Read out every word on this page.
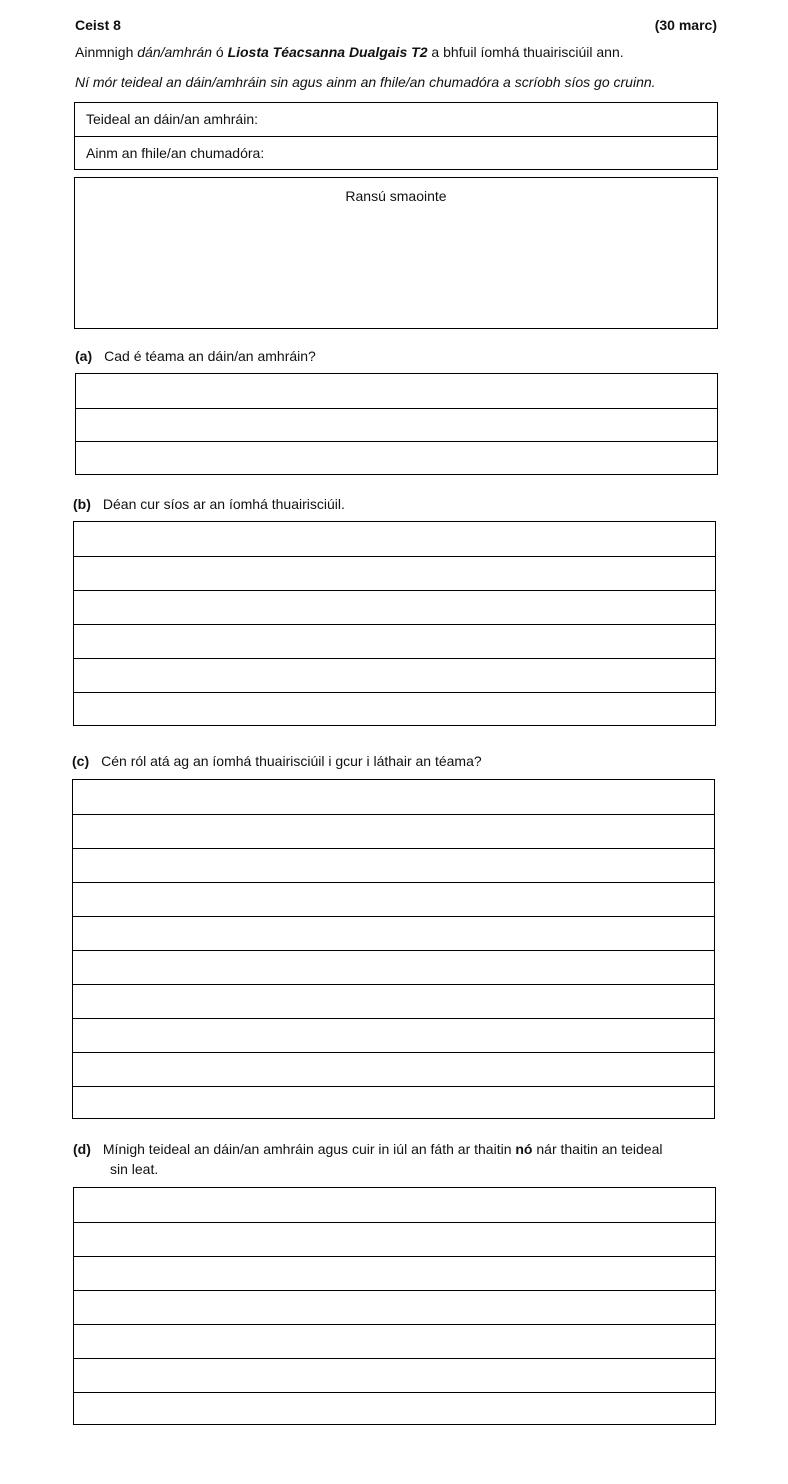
Ceist 8	(30 marc)
Ainmnigh dán/amhrán ó Liosta Téacsanna Dualgais T2 a bhfuil íomhá thuairisciúil ann.
Ní mór teideal an dáin/amhráin sin agus ainm an fhile/an chumadóra a scríobh síos go cruinn.
Teideal an dáin/an amhráin:
Ainm an fhile/an chumadóra:
Ransú smaointe
(a) Cad é téama an dáin/an amhráin?
(b) Déan cur síos ar an íomhá thuairisciúil.
(c) Cén ról atá ag an íomhá thuairisciúil i gcur i láthair an téama?
(d) Mínigh teideal an dáin/an amhráin agus cuir in iúl an fáth ar thaitin nó nár thaitin an teideal
sin leat.
